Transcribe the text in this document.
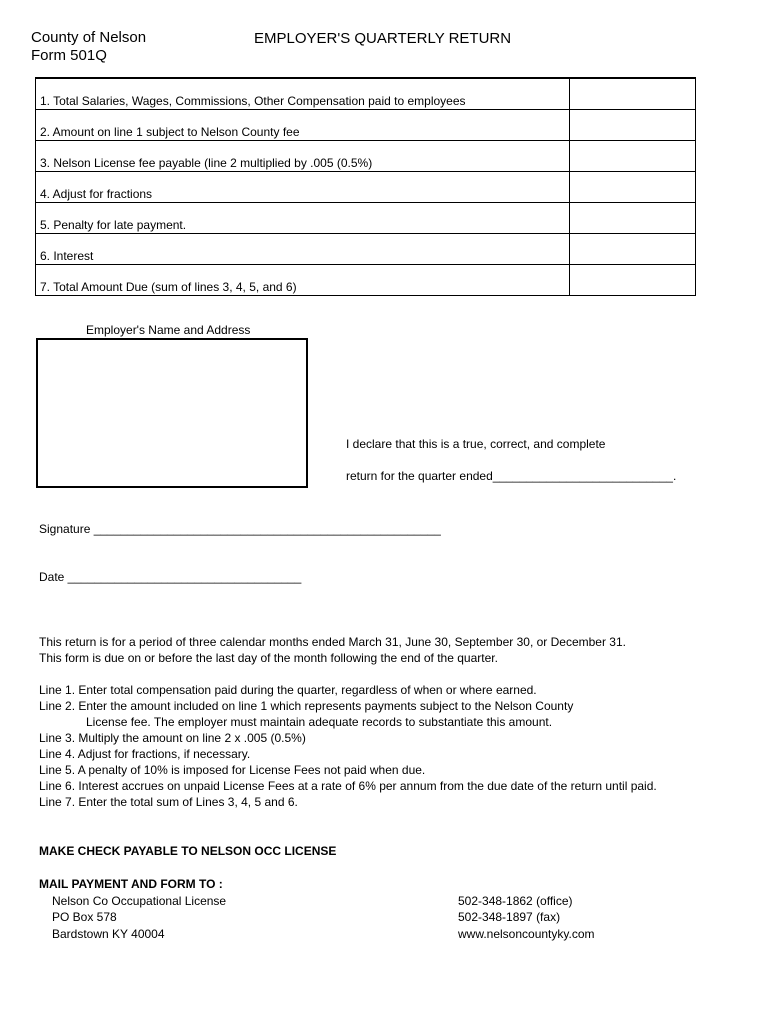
County of Nelson
Form 501Q
EMPLOYER'S QUARTERLY RETURN
1. Total Salaries, Wages, Commissions, Other Compensation paid to employees	
2. Amount on line 1 subject to Nelson County fee	
3. Nelson License fee payable (line 2 multiplied by .005 (0.5%)	
4. Adjust for fractions	
5. Penalty for late payment.	
6. Interest	
7. Total Amount Due (sum of lines 3, 4, 5, and 6)	
Employer's Name and Address
I declare that this is a true, correct, and complete
return for the quarter ended___________________________.
Signature ____________________________________________________
Date ___________________________________
This return is for a period of three calendar months ended March 31, June 30, September 30, or December 31.
This form is due on or before the last day of the month following the end of the quarter.
Line 1. Enter total compensation paid during the quarter, regardless of when or where earned.
Line 2. Enter the amount included on line 1 which represents payments subject to the Nelson County
License fee. The employer must maintain adequate records to substantiate this amount.
Line 3. Multiply the amount on line 2 x .005 (0.5%)
Line 4. Adjust for fractions, if necessary.
Line 5. A penalty of 10% is imposed for License Fees not paid when due.
Line 6. Interest accrues on unpaid License Fees at a rate of 6% per annum from the due date of the return until paid.
Line 7. Enter the total sum of Lines 3, 4, 5 and 6.
MAKE CHECK PAYABLE TO NELSON OCC LICENSE
MAIL PAYMENT AND FORM TO :
Nelson Co Occupational License
PO Box 578
Bardstown KY 40004
502-348-1862 (office)
502-348-1897 (fax)
www.nelsoncountyky.com
